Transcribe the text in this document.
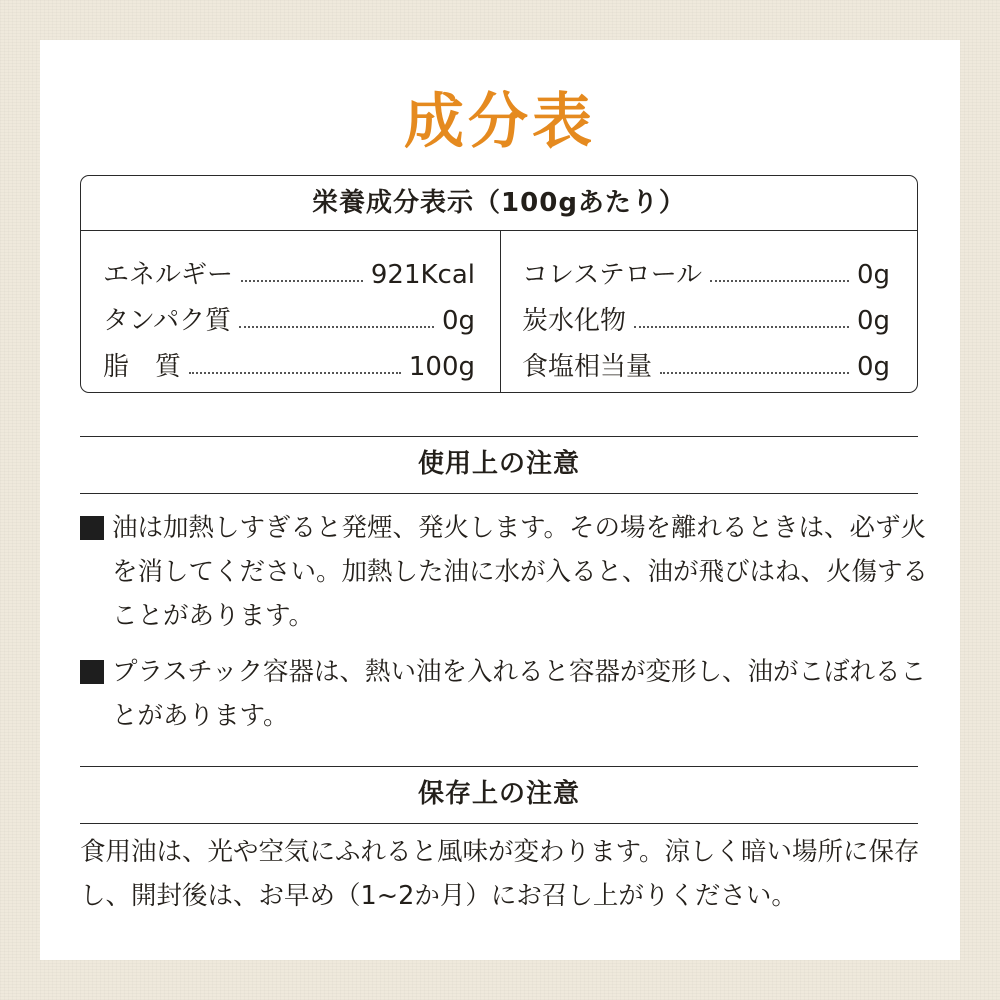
成分表
栄養成分表示（100gあたり）
エネルギー	921Kcal
タンパク質	0g
脂　質	100g
コレステロール	0g
炭水化物	0g
食塩相当量	0g
使用上の注意
油は加熱しすぎると発煙、発火します。その場を離れるときは、必ず火を消してください。加熱した油に水が入ると、油が飛びはね、火傷することがあります。
プラスチック容器は、熱い油を入れると容器が変形し、油がこぼれることがあります。
保存上の注意
食用油は、光や空気にふれると風味が変わります。涼しく暗い場所に保存し、開封後は、お早め（1~2か月）にお召し上がりください。
